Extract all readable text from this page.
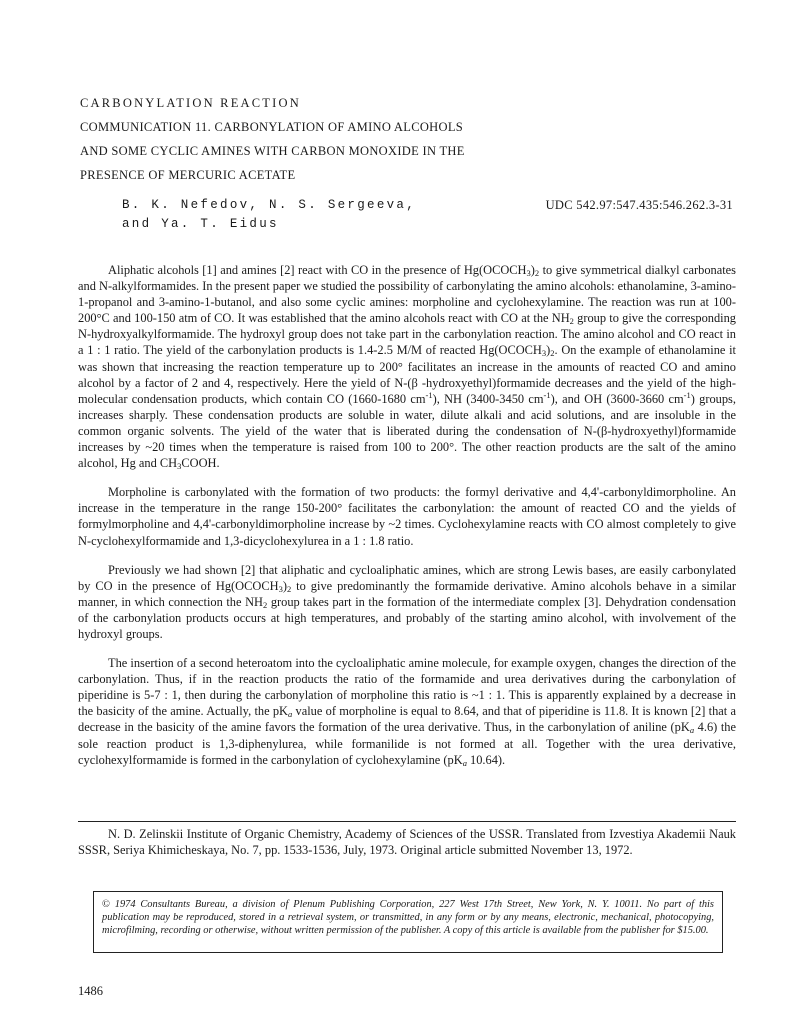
CARBONYLATION REACTION
COMMUNICATION 11. CARBONYLATION OF AMINO ALCOHOLS
AND SOME CYCLIC AMINES WITH CARBON MONOXIDE IN THE
PRESENCE OF MERCURIC ACETATE
B. K. Nefedov, N. S. Sergeeva,
and Ya. T. Eidus
UDC 542.97:547.435:546.262.3-31

Aliphatic alcohols [1] and amines [2] react with CO in the presence of $Hg(OCOCH_3)_2$ to give symmetrical dialkyl carbonates and N-alkylformamides. In the present paper we studied the possibility of carbonylating the amino alcohols: ethanolamine, 3-amino-1-propanol and 3-amino-1-butanol, and also some cyclic amines: morpholine and cyclohexylamine. The reaction was run at 100-200°C and 100-150 atm of CO. It was established that the amino alcohols react with CO at the $NH_2$ group to give the corresponding N-hydroxyalkylformamide. The hydroxyl group does not take part in the carbonylation reaction. The amino alcohol and CO react in a 1 : 1 ratio. The yield of the carbonylation products is 1.4-2.5 M/M of reacted $Hg(OCOCH_3)_2$. On the example of ethanolamine it was shown that increasing the reaction temperature up to 200° facilitates an increase in the amounts of reacted CO and amino alcohol by a factor of 2 and 4, respectively. Here the yield of N-(β -hydroxyethyl)formamide decreases and the yield of the high-molecular condensation products, which contain CO (1660-1680 $cm^{-1}$), NH (3400-3450 $cm^{-1}$), and OH (3600-3660 $cm^{-1}$) groups, increases sharply. These condensation products are soluble in water, dilute alkali and acid solutions, and are insoluble in the common organic solvents. The yield of the water that is liberated during the condensation of N-(β-hydroxyethyl)formamide increases by ~20 times when the temperature is raised from 100 to 200°. The other reaction products are the salt of the amino alcohol, Hg and $CH_3COOH$.

Morpholine is carbonylated with the formation of two products: the formyl derivative and 4,4'-carbonyldimorpholine. An increase in the temperature in the range 150-200° facilitates the carbonylation: the amount of reacted CO and the yields of formylmorpholine and 4,4'-carbonyldimorpholine increase by ~2 times. Cyclohexylamine reacts with CO almost completely to give N-cyclohexylformamide and 1,3-dicyclohexylurea in a 1 : 1.8 ratio.

Previously we had shown [2] that aliphatic and cycloaliphatic amines, which are strong Lewis bases, are easily carbonylated by CO in the presence of $Hg(OCOCH_3)_2$ to give predominantly the formamide derivative. Amino alcohols behave in a similar manner, in which connection the $NH_2$ group takes part in the formation of the intermediate complex [3]. Dehydration condensation of the carbonylation products occurs at high temperatures, and probably of the starting amino alcohol, with involvement of the hydroxyl groups.

The insertion of a second heteroatom into the cycloaliphatic amine molecule, for example oxygen, changes the direction of the carbonylation. Thus, if in the reaction products the ratio of the formamide and urea derivatives during the carbonylation of piperidine is 5-7 : 1, then during the carbonylation of morpholine this ratio is ~1 : 1. This is apparently explained by a decrease in the basicity of the amine. Actually, the $pK_a$ value of morpholine is equal to 8.64, and that of piperidine is 11.8. It is known [2] that a decrease in the basicity of the amine favors the formation of the urea derivative. Thus, in the carbonylation of aniline ($pK_a$ 4.6) the sole reaction product is 1,3-diphenylurea, while formanilide is not formed at all. Together with the urea derivative, cyclohexylformamide is formed in the carbonylation of cyclohexylamine ($pK_a$ 10.64).

N. D. Zelinskii Institute of Organic Chemistry, Academy of Sciences of the USSR. Translated from Izvestiya Akademii Nauk SSSR, Seriya Khimicheskaya, No. 7, pp. 1533-1536, July, 1973. Original article submitted November 13, 1972.

© 1974 Consultants Bureau, a division of Plenum Publishing Corporation, 227 West 17th Street, New York, N. Y. 10011. No part of this publication may be reproduced, stored in a retrieval system, or transmitted, in any form or by any means, electronic, mechanical, photocopying, microfilming, recording or otherwise, without written permission of the publisher. A copy of this article is available from the publisher for $15.00.
1486
